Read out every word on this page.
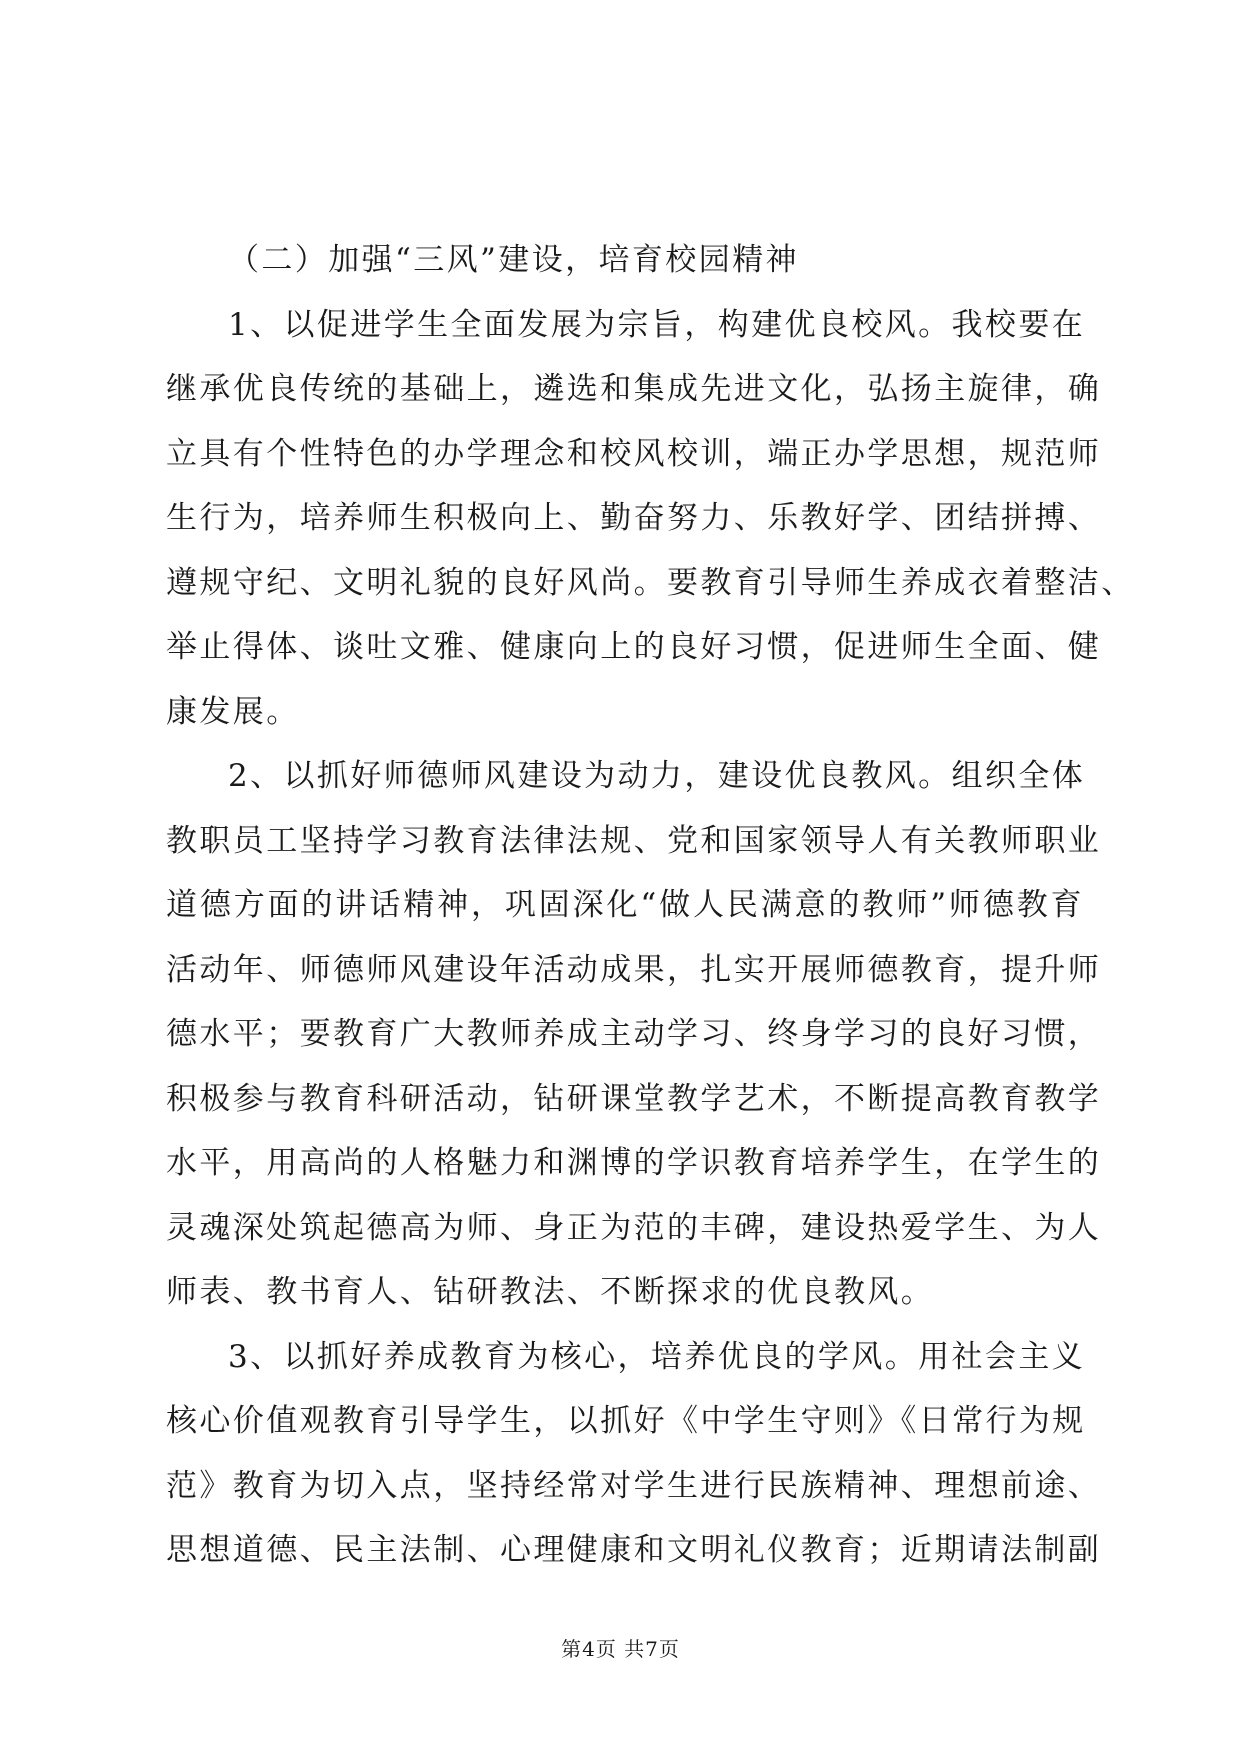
（二）加强“三风”建设，培育校园精神
1、以促进学生全面发展为宗旨，构建优良校风。我校要在
继承优良传统的基础上，遴选和集成先进文化，弘扬主旋律，确
立具有个性特色的办学理念和校风校训，端正办学思想，规范师
生行为，培养师生积极向上、勤奋努力、乐教好学、团结拼搏、
遵规守纪、文明礼貌的良好风尚。要教育引导师生养成衣着整洁、
举止得体、谈吐文雅、健康向上的良好习惯，促进师生全面、健
康发展。
2、以抓好师德师风建设为动力，建设优良教风。组织全体
教职员工坚持学习教育法律法规、党和国家领导人有关教师职业
道德方面的讲话精神，巩固深化“做人民满意的教师”师德教育
活动年、师德师风建设年活动成果，扎实开展师德教育，提升师
德水平；要教育广大教师养成主动学习、终身学习的良好习惯，
积极参与教育科研活动，钻研课堂教学艺术，不断提高教育教学
水平，用高尚的人格魅力和渊博的学识教育培养学生，在学生的
灵魂深处筑起德高为师、身正为范的丰碑，建设热爱学生、为人
师表、教书育人、钻研教法、不断探求的优良教风。
3、以抓好养成教育为核心，培养优良的学风。用社会主义
核心价值观教育引导学生，以抓好《中学生守则》《日常行为规
范》教育为切入点，坚持经常对学生进行民族精神、理想前途、
思想道德、民主法制、心理健康和文明礼仪教育；近期请法制副
第4页 共7页
